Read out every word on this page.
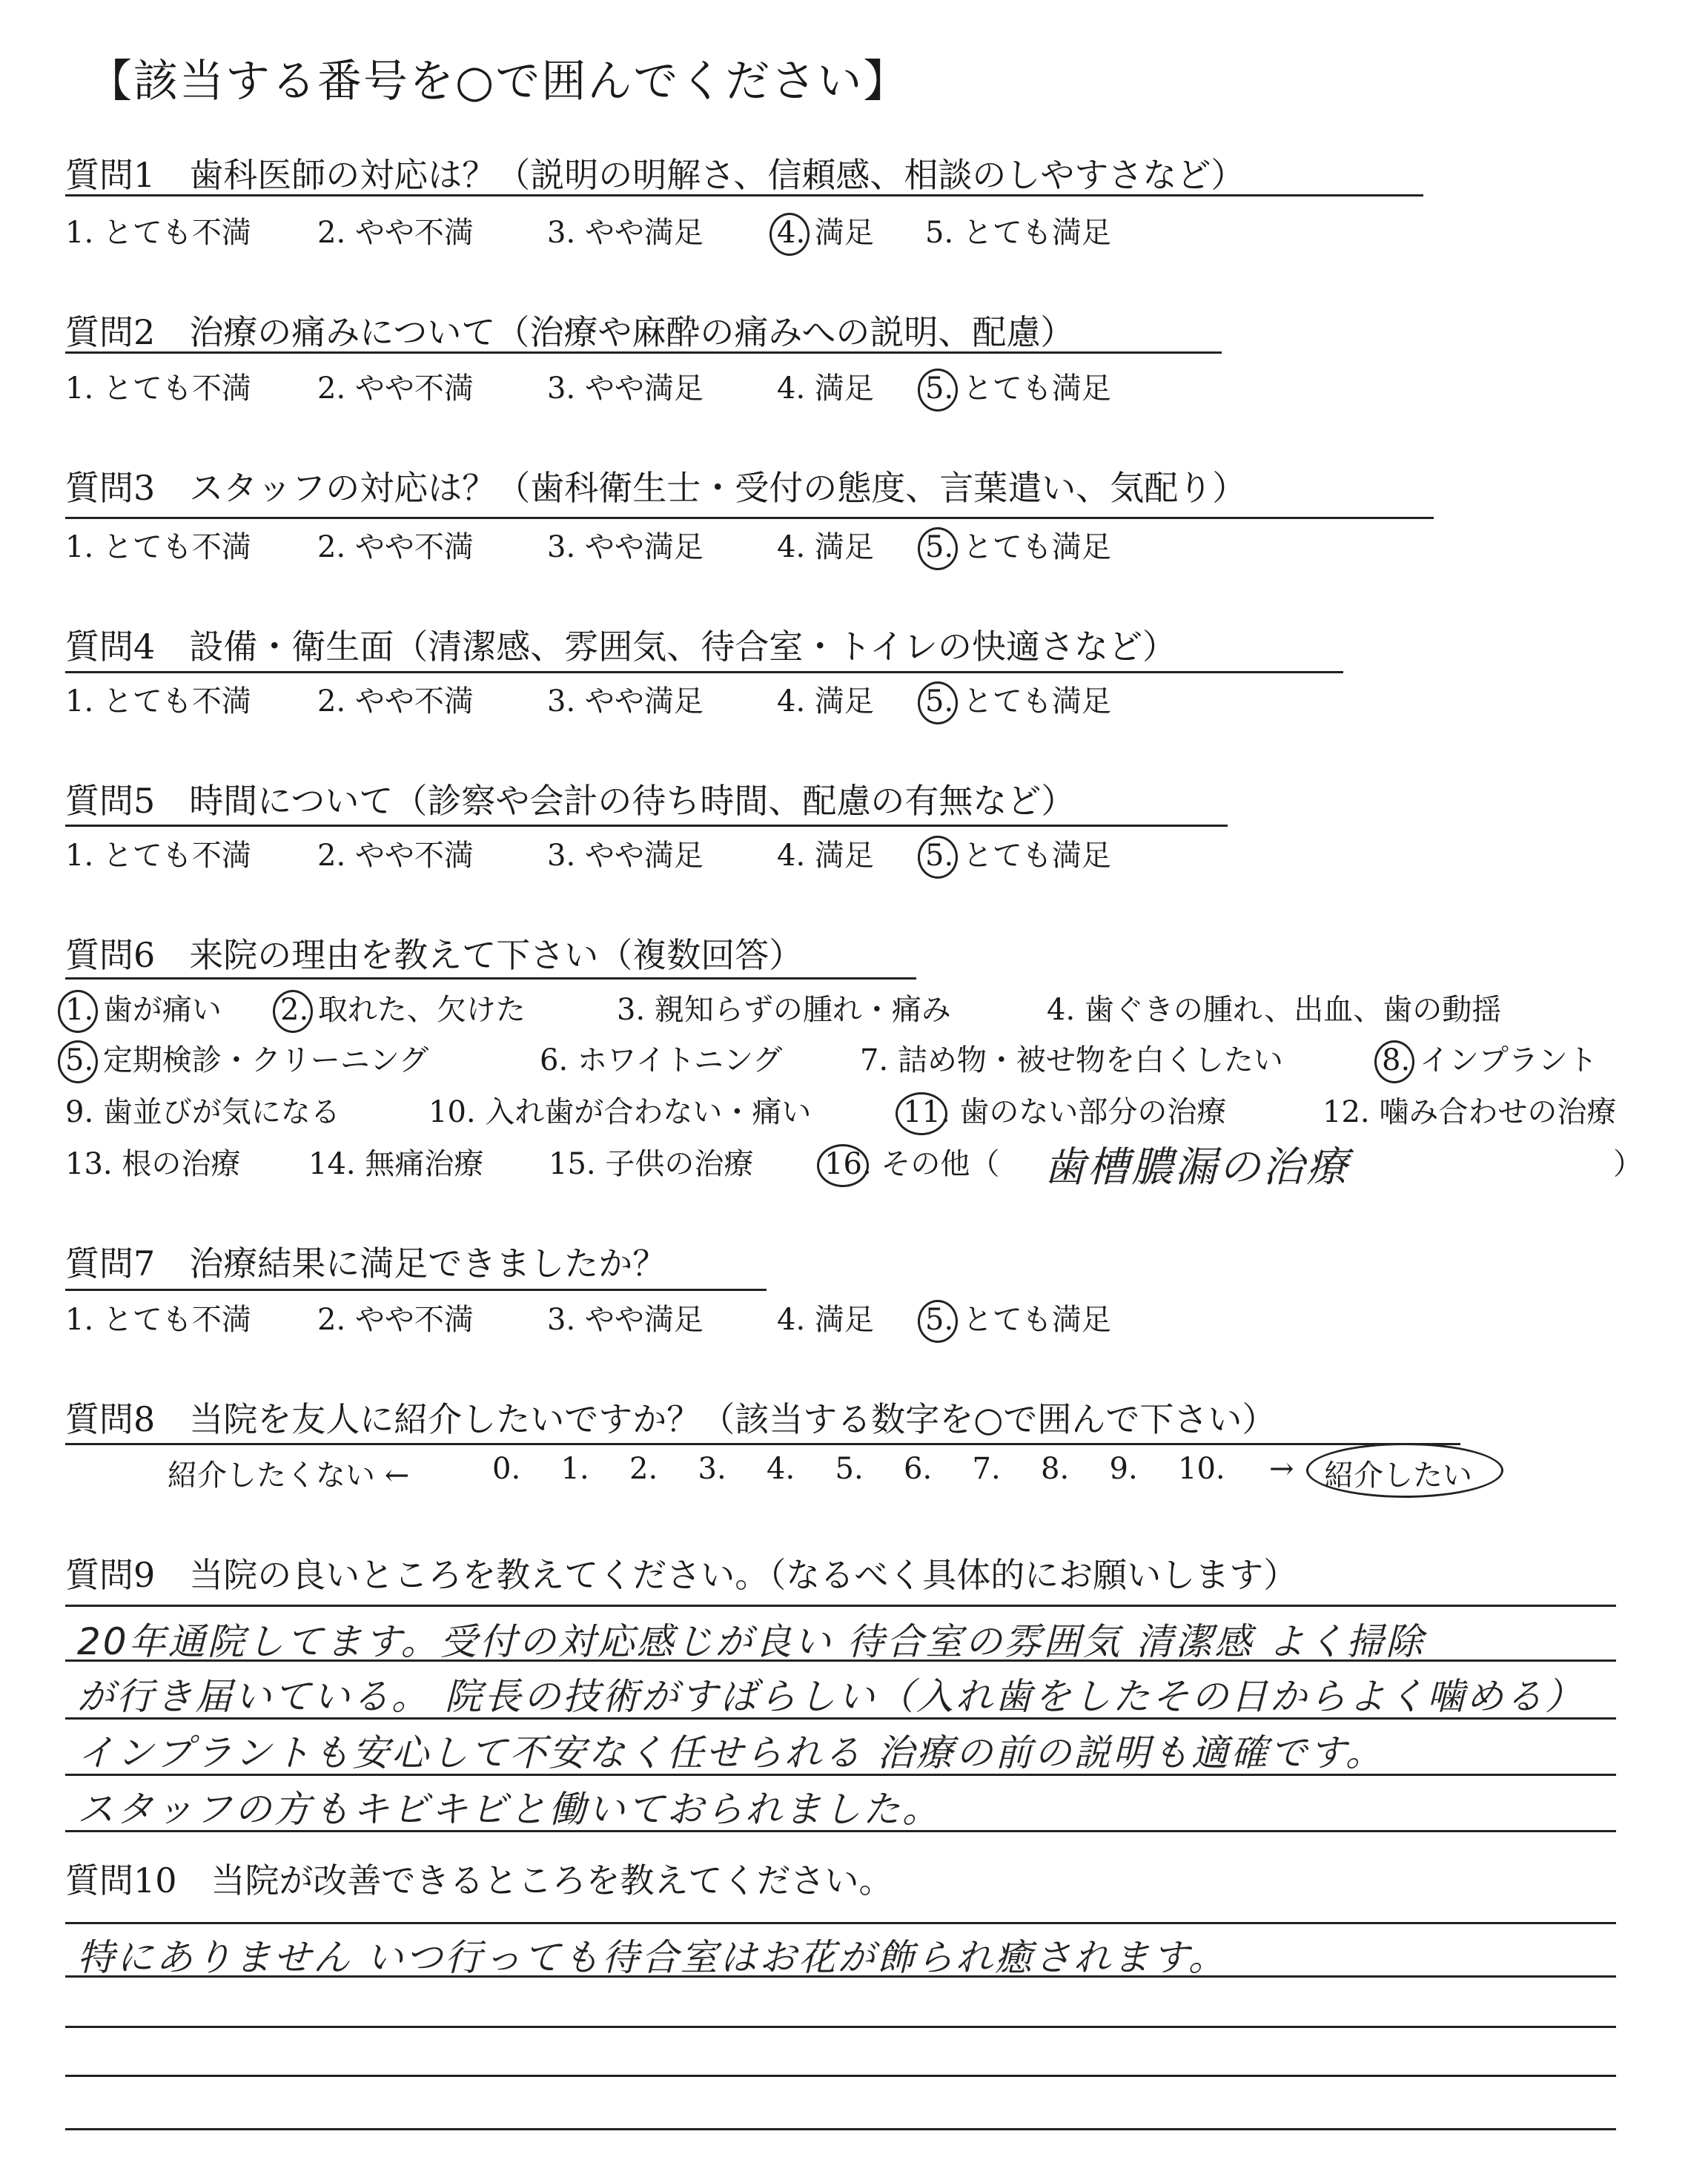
【該当する番号を○で囲んでください】
質問1　歯科医師の対応は？（説明の明解さ、信頼感、相談のしやすさなど）
1. とても不満 2. やや不満 3. やや満足 4.
満足 5. とても満足
質問2　治療の痛みについて（治療や麻酔の痛みへの説明、配慮）
1. とても不満 2. やや不満 3. やや満足 4. 満足 5.
とても満足
質問3　スタッフの対応は？（歯科衛生士・受付の態度、言葉遣い、気配り）
1. とても不満 2. やや不満 3. やや満足 4. 満足 5.
とても満足
質問4　設備・衛生面（清潔感、雰囲気、待合室・トイレの快適さなど）
1. とても不満 2. やや不満 3. やや満足 4. 満足 5.
とても満足
質問5　時間について（診察や会計の待ち時間、配慮の有無など）
1. とても不満 2. やや不満 3. やや満足 4. 満足 5.
とても満足
質問6　来院の理由を教えて下さい（複数回答）
1.
歯が痛い 2.
取れた、欠けた	3. 親知らずの腫れ・痛み	4. 歯ぐきの腫れ、出血、歯の動揺
5.
定期検診・クリーニング	6. ホワイトニング	7. 詰め物・被せ物を白くしたい	8.
インプラント
9. 歯並びが気になる	10. 入れ歯が合わない・痛い	11.
歯のない部分の治療	12. 噛み合わせの治療
13. 根の治療 14. 無痛治療 15. 子供の治療 16.
その他（ 歯槽膿漏の治療	）
質問7　治療結果に満足できましたか？
1. とても不満 2. やや不満 3. やや満足 4. 満足 5.
とても満足
質問8　当院を友人に紹介したいですか？（該当する数字を○で囲んで下さい）
紹介したくない ←	0. 1. 2. 3. 4. 5. 6. 7. 8. 9. 10. → 紹介したい
質問9　当院の良いところを教えてください。（なるべく具体的にお願いします）
20年通院してます。受付の対応感じが良い 待合室の雰囲気 清潔感 よく掃除
が行き届いている。 院長の技術がすばらしい（入れ歯をしたその日からよく噛める）
インプラントも安心して不安なく任せられる 治療の前の説明も適確です。
スタッフの方もキビキビと働いておられました。
質問10　当院が改善できるところを教えてください。
特にありません いつ行っても待合室はお花が飾られ癒されます。
